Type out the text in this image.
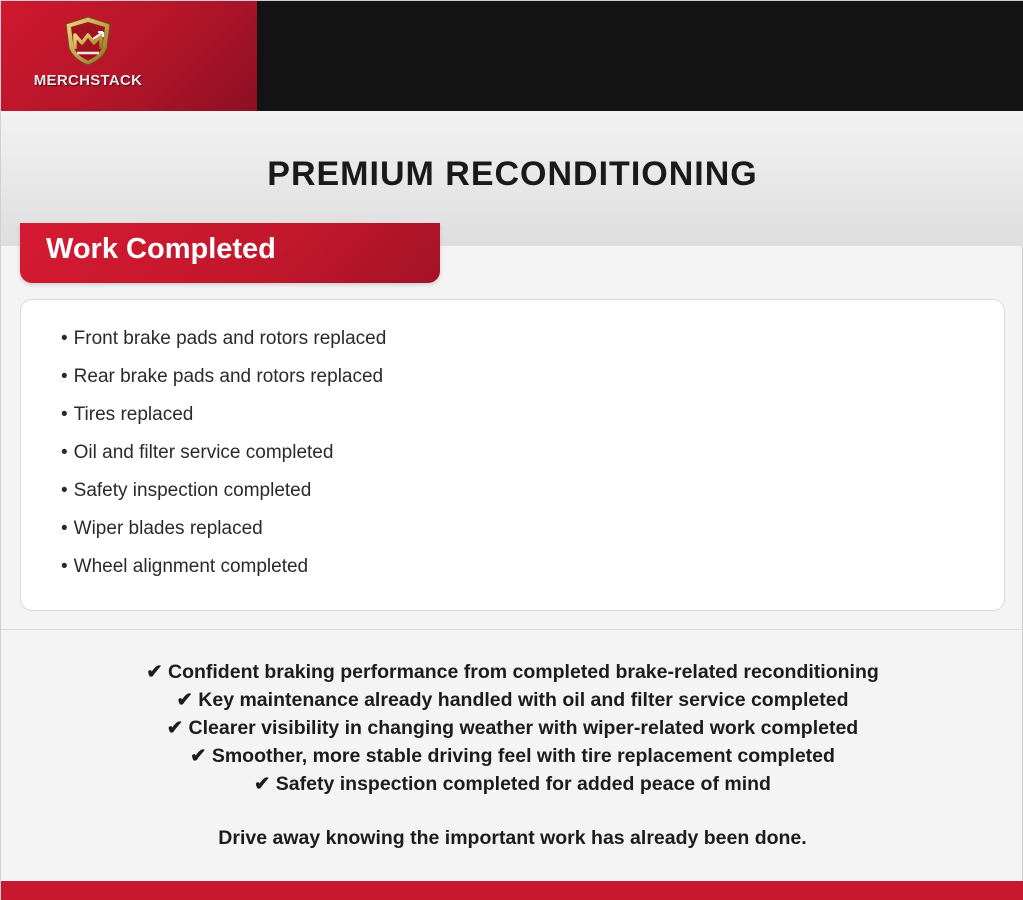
MERCHSTACK
PREMIUM RECONDITIONING
• Front brake pads and rotors replaced
• Rear brake pads and rotors replaced
• Tires replaced
• Oil and filter service completed
• Safety inspection completed
• Wiper blades replaced
• Wheel alignment completed
Work Completed
✔ Confident braking performance from completed brake-related reconditioning
✔ Key maintenance already handled with oil and filter service completed
✔ Clearer visibility in changing weather with wiper-related work completed
✔ Smoother, more stable driving feel with tire replacement completed
✔ Safety inspection completed for added peace of mind
Drive away knowing the important work has already been done.
